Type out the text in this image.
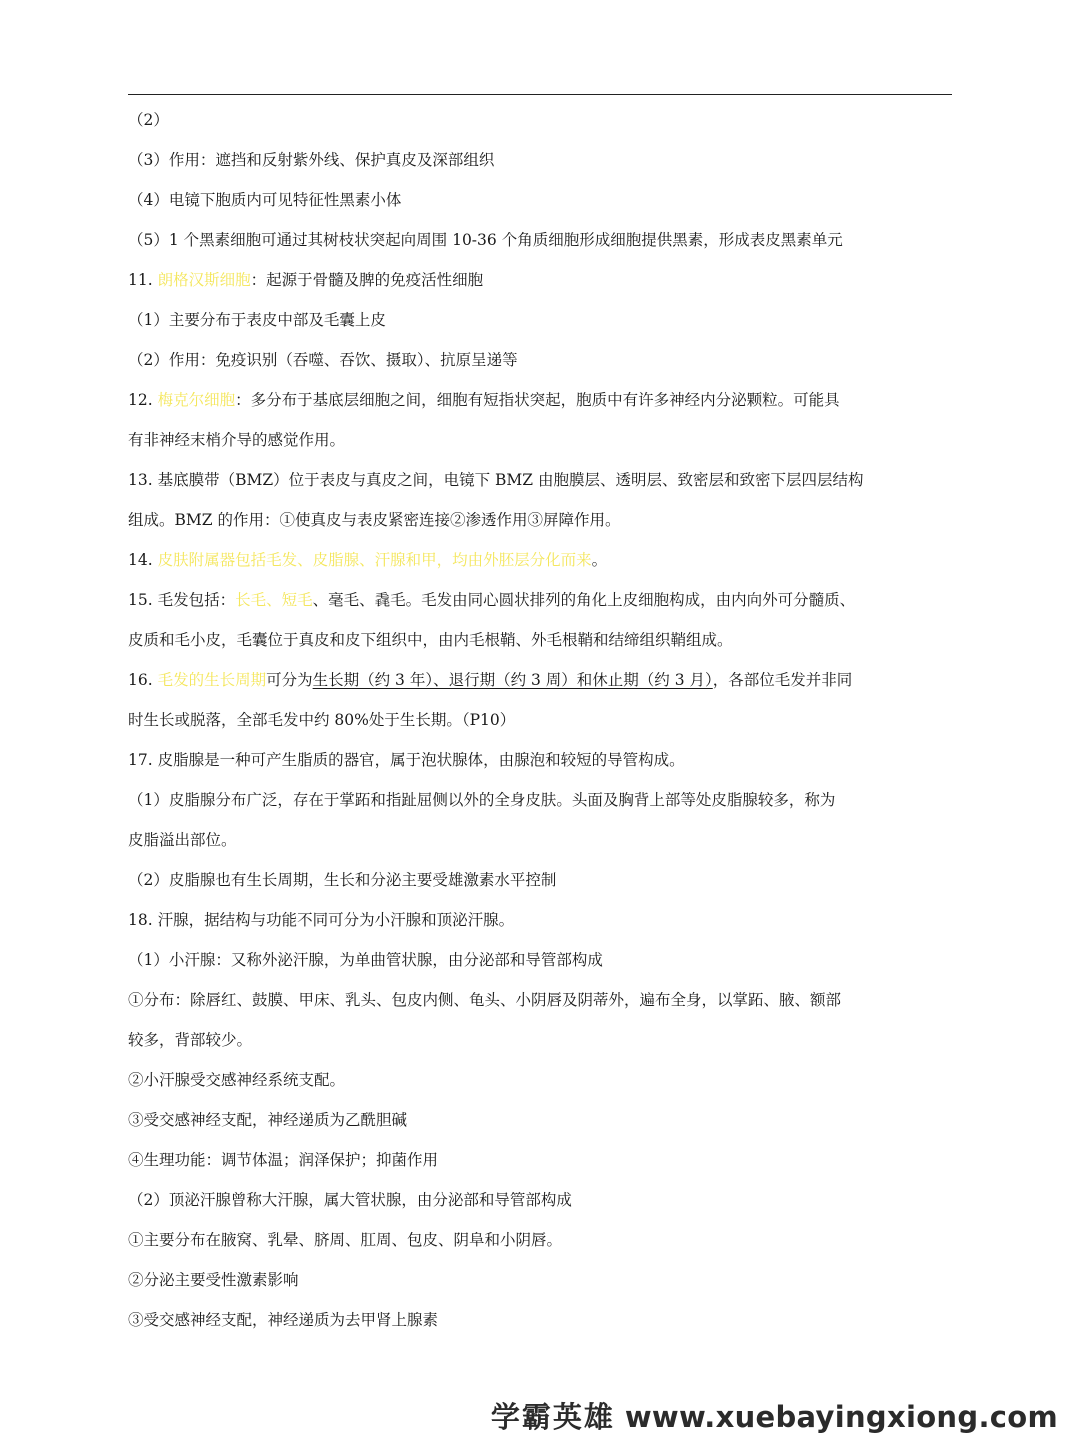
（2）
（3）作用：遮挡和反射紫外线、保护真皮及深部组织
（4）电镜下胞质内可见特征性黑素小体
（5）1 个黑素细胞可通过其树枝状突起向周围 10-36 个角质细胞形成细胞提供黑素，形成表皮黑素单元
11. 朗格汉斯细胞：起源于骨髓及脾的免疫活性细胞
（1）主要分布于表皮中部及毛囊上皮
（2）作用：免疫识别（吞噬、吞饮、摄取）、抗原呈递等
12. 梅克尔细胞：多分布于基底层细胞之间，细胞有短指状突起，胞质中有许多神经内分泌颗粒。可能具
有非神经末梢介导的感觉作用。
13. 基底膜带（BMZ）位于表皮与真皮之间，电镜下 BMZ 由胞膜层、透明层、致密层和致密下层四层结构
组成。BMZ 的作用：①使真皮与表皮紧密连接②渗透作用③屏障作用。
14. 皮肤附属器包括毛发、皮脂腺、汗腺和甲，均由外胚层分化而来。
15. 毛发包括：长毛、短毛、毫毛、毳毛。毛发由同心圆状排列的角化上皮细胞构成，由内向外可分髓质、
皮质和毛小皮，毛囊位于真皮和皮下组织中，由内毛根鞘、外毛根鞘和结缔组织鞘组成。
16. 毛发的生长周期可分为生长期（约 3 年）、退行期（约 3 周）和休止期（约 3 月），各部位毛发并非同
时生长或脱落，全部毛发中约 80%处于生长期。（P10）
17. 皮脂腺是一种可产生脂质的器官，属于泡状腺体，由腺泡和较短的导管构成。
（1）皮脂腺分布广泛，存在于掌跖和指趾屈侧以外的全身皮肤。头面及胸背上部等处皮脂腺较多，称为
皮脂溢出部位。
（2）皮脂腺也有生长周期，生长和分泌主要受雄激素水平控制
18. 汗腺，据结构与功能不同可分为小汗腺和顶泌汗腺。
（1）小汗腺：又称外泌汗腺，为单曲管状腺，由分泌部和导管部构成
①分布：除唇红、鼓膜、甲床、乳头、包皮内侧、龟头、小阴唇及阴蒂外，遍布全身，以掌跖、腋、额部
较多，背部较少。
②小汗腺受交感神经系统支配。
③受交感神经支配，神经递质为乙酰胆碱
④生理功能：调节体温；润泽保护；抑菌作用
（2）顶泌汗腺曾称大汗腺，属大管状腺，由分泌部和导管部构成
①主要分布在腋窝、乳晕、脐周、肛周、包皮、阴阜和小阴唇。
②分泌主要受性激素影响
③受交感神经支配，神经递质为去甲肾上腺素
学霸英雄 www.xuebayingxiong.com
